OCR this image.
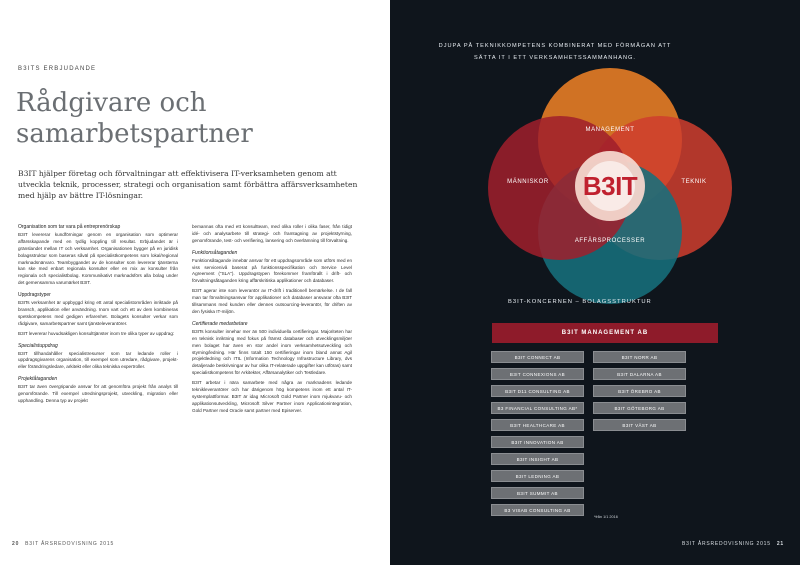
B3ITS ERBJUDANDE
Rådgivare och samarbetspartner

B3IT hjälper företag och förvaltningar att effektivisera IT-verksamheten genom att utveckla teknik, processer, strategi och organisation samt förbättra affärsverksamheten med hjälp av bättre IT-lösningar.

Organisation som tar vara på entreprenörskap

B3IT levererar kundförningar genom en organisation som optimerar affärsskapande med en tydlig koppling till resultat. Erbjudandet är i gränslandet mellan IT och verksamhet. Organisationen bygger på en juridisk bolagsstruktur som baseras såväl på specialistkompetens som lokal/regional marknadsnärvaro. Teambyggandet av de konsulter som levererar tjänsterna kan ske med enbart regionala konsulter eller en mix av konsulter från regionala och specialistbolag. Kommunikativt marknadsförs alla bolag under det gemensamma varumärket B3IT.

Uppdragstyper

B3ITs verksamhet är uppbyggd kring ett antal specialistområden inriktade på bransch, applikation eller användning. Inom vart och ett av dem kombineras spetskompetens med gedigen erfarenhet. Bolagets konsulter verkar som rådgivare, samarbetspartner samt tjänsteleverantörer.

B3IT levererar huvudsakligen konsulttjänster inom tre olika typer av uppdrag:

Specialistuppdrag

B3IT tillhandahåller specialistresurser som tar ledande roller i uppdragsgivarens organisation, till exempel som utredare, rådgivare, projekt- eller förändringsledare, arkitekt eller olika tekniska expertroller.

Projektåtaganden

B3IT tar även övergripande ansvar för att genomföra projekt från analys till genomförande. Till exempel utredningsprojekt, utveckling, migration eller upphandling. Denna typ av projekt

bemannas ofta med ett konsultteam, med olika roller i olika faser, från tidigt idé- och analysarbete till strategi- och framtagning av projektstyrning, genomförande, test- och verifiering, lansering och överlämning till förvaltning.

Funktionsåtaganden

Funktionsåtagande innebär ansvar för ett uppdragsområde som utförs med en viss servicenivå baserat på funktionsspecifikation och Service Level Agreement ("SLA"). Uppdragstypen förekommer framförallt i drift- och förvaltningsåtaganden kring affärskritiska applikationer och databaser.

B3IT agerar inte som leverantör av IT-drift i traditionell bemärkelse. I de fall man tar förvaltningsansvar för applikationer och databaser ansvarar ofta B3IT tillsammans med kunden eller dennes outsourcing-leverantör, för driften av den fysiska IT-miljön.

Certifierade medarbetare

B3ITs konsulter innehar mer än 500 individuella certifieringar. Majoriteten har en teknisk inriktning med fokus på främst databaser och utvecklingsmiljöer men bolaget har även en stor andel inom verksamhetsutveckling och styrning/ledning. Här finns totalt 150 certifieringar inom bland annat Agil projektledning och ITIL (Information Technology Infrastructure Library, dvs detaljerade beskrivningar av hur olika IT-relaterade uppgifter kan utföras) samt specialistkompetens för Arkitekter, Affärsanalytiker och Testledare.

B3IT arbetar i nära samarbete med några av marknadens ledande teknikleverantörer och har därigenom hög kompetens inom ett antal IT-systemplattformar. B3IT är idag Microsoft Gold Partner inom mjukvaru- och applikationsutveckling, Microsoft Silver Partner inom Applicationintegration, Gold Partner med Oracle samt partner med Episerver.

20 B3IT ÅRSREDOVISNING 2015
DJUPA PÅ TEKNIKKOMPETENS KOMBINERAT MED FÖRMÅGAN ATT SÄTTA IT I ETT VERKSAMHETSSAMMANHANG.
B3IT
MANAGEMENT
MÄNNISKOR	TEKNIK
AFFÄRSPROCESSER
B3IT-KONCERNEN – BOLAGSSTRUKTUR
B3IT MANAGEMENT AB
B3IT CONNECT AB
B3IT CONNEXIONS AB
B3IT D11 CONSULTING AB
B3 FINANCIAL CONSULTING AB*
B3IT HEALTHCARE AB
B3IT INNOVATION AB
B3IT INSIGHT AB
B3IT LEDNING AB
B3IT SUMMIT AB
B3 VISAB CONSULTING AB
B3IT NORR AB
B3IT DALARNA AB
B3IT ÖREBRO AB
B3IT GÖTEBORG AB
B3IT VÄST AB
*från 1/1 2016
B3IT ÅRSREDOVISNING 2015 21
